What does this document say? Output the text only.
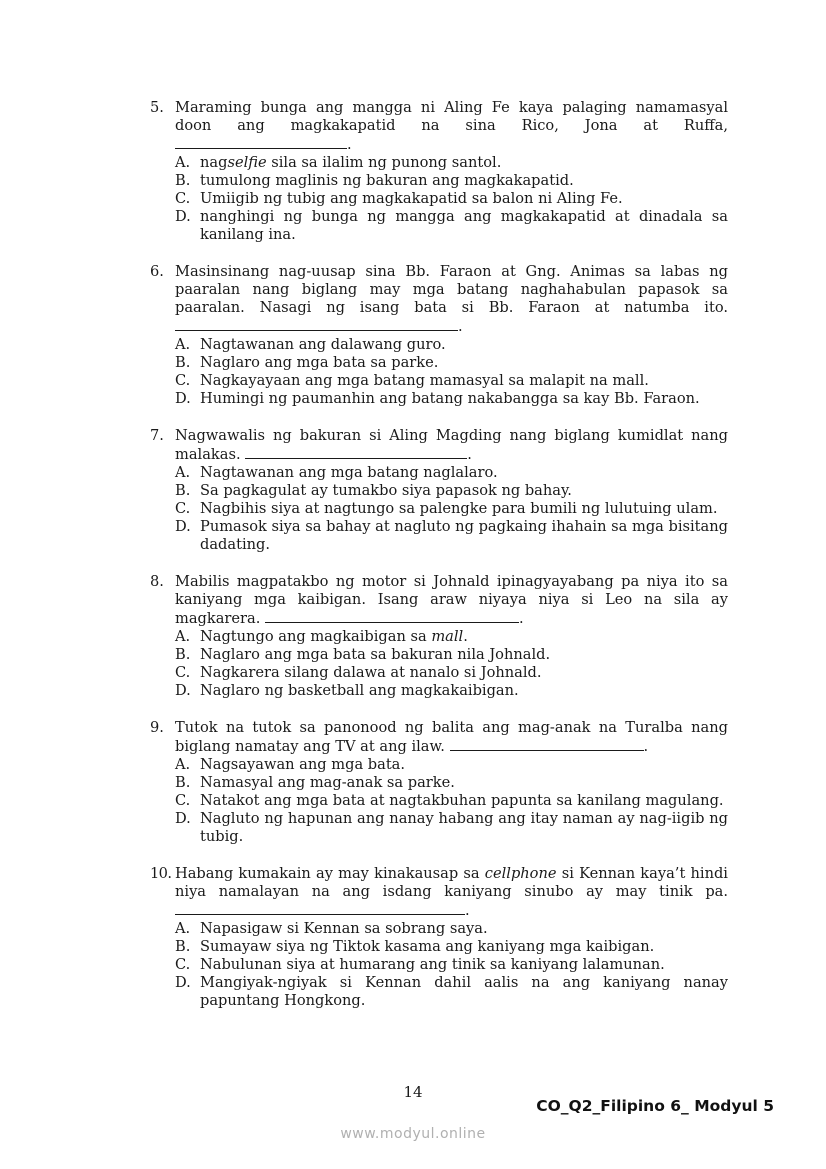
5. Maraming bunga ang mangga ni Aling Fe kaya palaging namamasyal doon ang magkakapatid na sina Rico, Jona at Ruffa, .
A. nagselfie sila sa ilalim ng punong santol.
B. tumulong maglinis ng bakuran ang magkakapatid.
C. Umiigib ng tubig ang magkakapatid sa balon ni Aling Fe.
D. nanghingi ng bunga ng mangga ang magkakapatid at dinadala sa kanilang ina.
6. Masinsinang nag-uusap sina Bb. Faraon at Gng. Animas sa labas ng paaralan nang biglang may mga batang naghahabulan papasok sa paaralan. Nasagi ng isang bata si Bb. Faraon at natumba ito. .
A. Nagtawanan ang dalawang guro.
B. Naglaro ang mga bata sa parke.
C. Nagkayayaan ang mga batang mamasyal sa malapit na mall.
D. Humingi ng paumanhin ang batang nakabangga sa kay Bb. Faraon.
7. Nagwawalis ng bakuran si Aling Magding nang biglang kumidlat nang malakas.	.
A. Nagtawanan ang mga batang naglalaro.
B. Sa pagkagulat ay tumakbo siya papasok ng bahay.
C. Nagbihis siya at nagtungo sa palengke para bumili ng lulutuing ulam.
D. Pumasok siya sa bahay at nagluto ng pagkaing ihahain sa mga bisitang dadating.
8. Mabilis magpatakbo ng motor si Johnald ipinagyayabang pa niya ito sa kaniyang mga kaibigan. Isang araw niyaya niya si Leo na sila ay magkarera.	.
A. Nagtungo ang magkaibigan sa mall.
B. Naglaro ang mga bata sa bakuran nila Johnald.
C. Nagkarera silang dalawa at nanalo si Johnald.
D. Naglaro ng basketball ang magkakaibigan.
9. Tutok na tutok sa panonood ng balita ang mag-anak na Turalba nang biglang namatay ang TV at ang ilaw.	.
A. Nagsayawan ang mga bata.
B. Namasyal ang mag-anak sa parke.
C. Natakot ang mga bata at nagtakbuhan papunta sa kanilang magulang.
D. Nagluto ng hapunan ang nanay habang ang itay naman ay nag-iigib ng tubig.
10. Habang kumakain ay may kinakausap sa cellphone si Kennan kaya’t hindi niya namalayan na ang isdang kaniyang sinubo ay may tinik pa. .
A. Napasigaw si Kennan sa sobrang saya.
B. Sumayaw siya ng Tiktok kasama ang kaniyang mga kaibigan.
C. Nabulunan siya at humarang ang tinik sa kaniyang lalamunan.
D. Mangiyak-ngiyak si Kennan dahil aalis na ang kaniyang nanay papuntang Hongkong.
14
CO_Q2_Filipino 6_ Modyul 5
www.modyul.online
